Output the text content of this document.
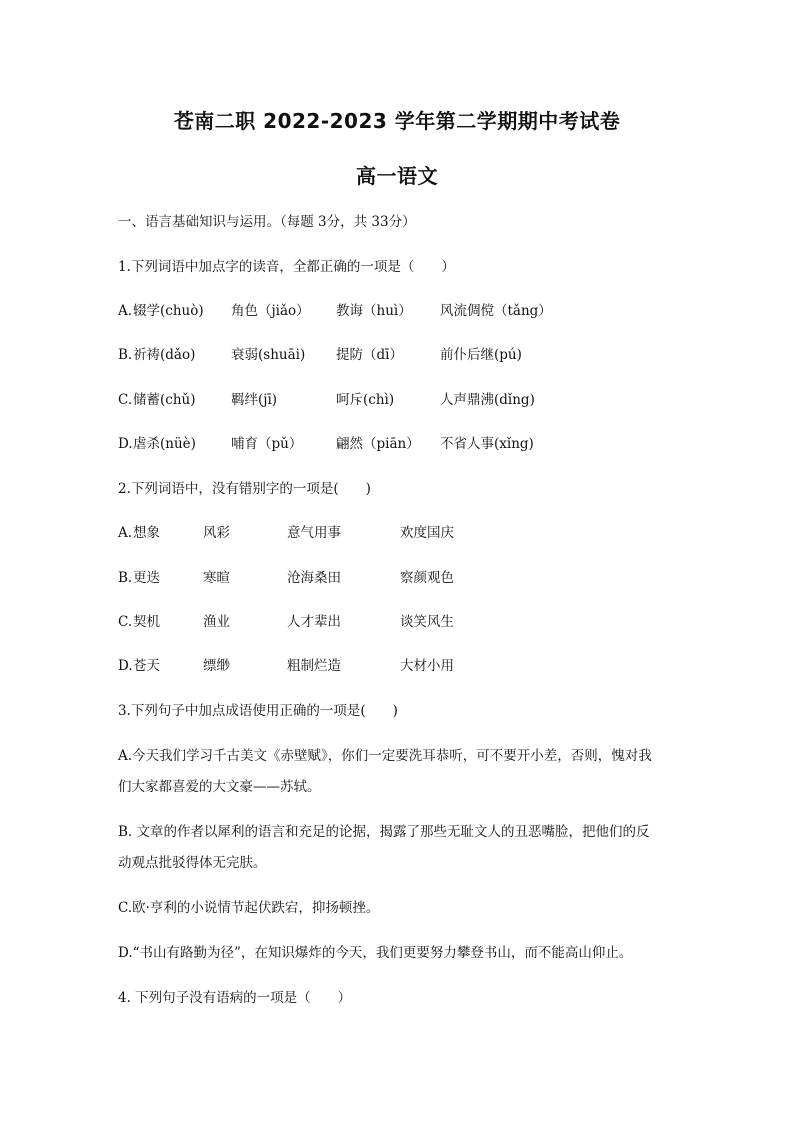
苍南二职 2022-2023 学年第二学期期中考试卷
高一语文
一、语言基础知识与运用。（每题 3分，共 33分）
1.下列词语中加点字的读音，全都正确的一项是（　　）
A. 辍学(chuò) 角色（jiǎo） 教诲（huì） 风流倜傥（tǎng）
B. 祈祷(dǎo)	衰弱(shuāi) 提防（dī）	前仆后继(pú)
C. 储蓄(chǔ)	羁绊(jī)	呵斥(chì)	人声鼎沸(dǐng)
D. 虐杀(nüè)	哺育（pǔ） 翩然（piān） 不省人事(xǐng)
2.下列词语中，没有错别字的一项是(　　)
A. 想象	风彩	意气用事	欢度国庆
B. 更迭	寒暄	沧海桑田	察颜观色
C. 契机	渔业	人才辈出	谈笑风生
D. 苍天	缥缈	粗制烂造	大材小用
3.下列句子中加点成语使用正确的一项是(　　)
A.今天我们学习千古美文《赤壁赋》，你们一定要洗耳恭听，可不要开小差，否则，愧对我
们大家都喜爱的大文豪——苏轼。
B. 文章的作者以犀利的语言和充足的论据，揭露了那些无耻文人的丑恶嘴脸，把他们的反
动观点批驳得体无完肤。
C.欧·亨利的小说情节起伏跌宕，抑扬顿挫。
D.“书山有路勤为径”，在知识爆炸的今天，我们更要努力攀登书山，而不能高山仰止。
4. 下列句子没有语病的一项是（　　）
